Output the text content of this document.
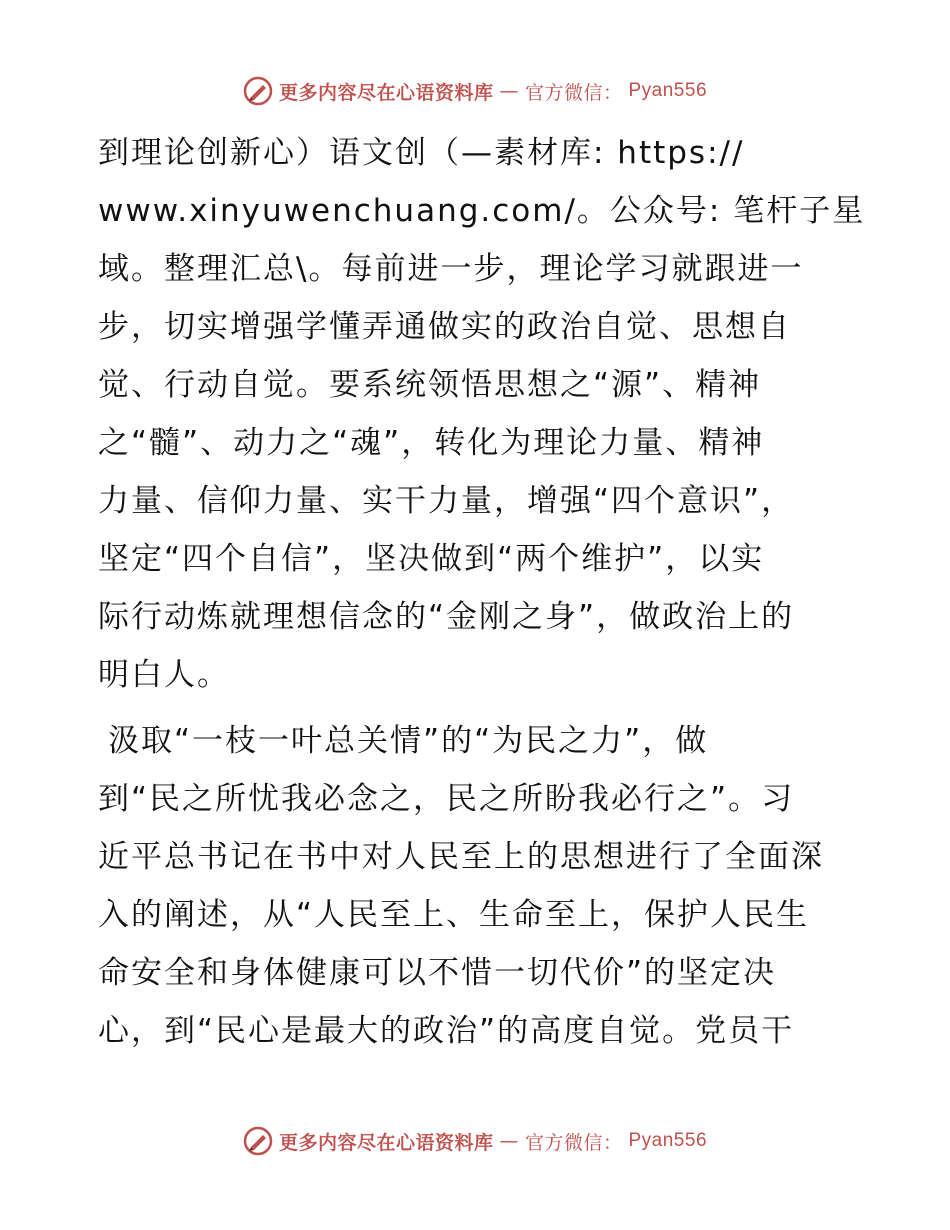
更多内容尽在心语资料库 — 官方微信： Pyan556
到理论创新心）语文创（—素材库: https://
www.xinyuwenchuang.com/。公众号: 笔杆子星
域。整理汇总\。每前进一步，理论学习就跟进一
步，切实增强学懂弄通做实的政治自觉、思想自
觉、行动自觉。要系统领悟思想之“源”、精神
之“髓”、动力之“魂”，转化为理论力量、精神
力量、信仰力量、实干力量，增强“四个意识”，
坚定“四个自信”，坚决做到“两个维护”，以实
际行动炼就理想信念的“金刚之身”，做政治上的
明白人。
汲取“一枝一叶总关情”的“为民之力”，做
到“民之所忧我必念之，民之所盼我必行之”。习
近平总书记在书中对人民至上的思想进行了全面深
入的阐述，从“人民至上、生命至上，保护人民生
命安全和身体健康可以不惜一切代价”的坚定决
心，到“民心是最大的政治”的高度自觉。党员干
更多内容尽在心语资料库 — 官方微信： Pyan556
